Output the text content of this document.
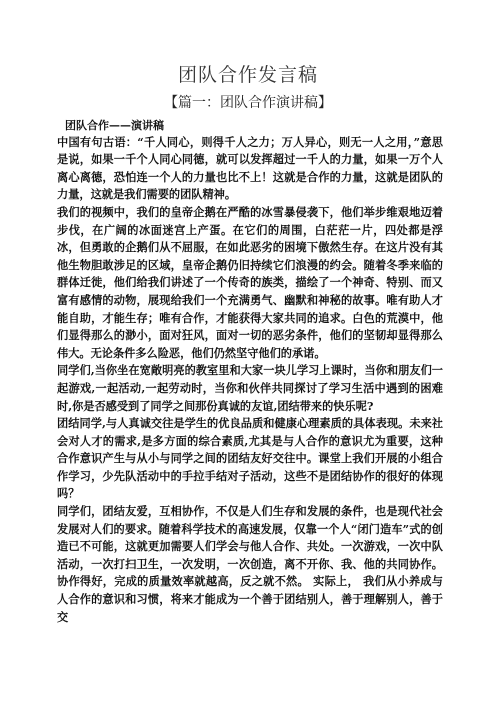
团队合作发言稿
【篇一：团队合作演讲稿】

团队合作——演讲稿

中国有句古语：“千人同心，则得千人之力；万人异心，则无一人之用，”意思是说，如果一千个人同心同德，就可以发挥超过一千人的力量，如果一万个人离心离德，恐怕连一个人的力量也比不上！这就是合作的力量，这就是团队的力量，这就是我们需要的团队精神。

我们的视频中，我们的皇帝企鹅在严酷的冰雪暴侵袭下，他们举步维艰地迈着步伐，在广阔的冰面迷宫上产蛋。在它们的周围，白茫茫一片，四处都是浮冰，但勇敢的企鹅们从不屈服，在如此恶劣的困境下傲然生存。在这片没有其他生物胆敢涉足的区域，皇帝企鹅仍旧持续它们浪漫的约会。随着冬季来临的群体迁徙，他们给我们讲述了一个传奇的族类，描绘了一个神奇、特别、而又富有感情的动物，展现给我们一个充满勇气、幽默和神秘的故事。唯有助人才能自助，才能生存；唯有合作，才能获得大家共同的追求。白色的荒漠中，他们显得那么的渺小，面对狂风，面对一切的恶劣条件，他们的坚韧却显得那么伟大。无论条件多么险恶，他们仍然坚守他们的承诺。

同学们,当你坐在宽敞明亮的教室里和大家一块儿学习上课时，当你和朋友们一起游戏,一起活动,一起劳动时，当你和伙伴共同探讨了学习生活中遇到的困难时,你是否感受到了同学之间那份真诚的友谊,团结带来的快乐呢?

团结同学,与人真诚交往是学生的优良品质和健康心理素质的具体表现。未来社会对人才的需求,是多方面的综合素质,尤其是与人合作的意识尤为重要，这种合作意识产生与从小与同学之间的团结友好交往中。课堂上我们开展的小组合作学习，少先队活动中的手拉手结对子活动，这些不是团结协作的很好的体现吗？

同学们，团结友爱，互相协作，不仅是人们生存和发展的条件，也是现代社会发展对人们的要求。随着科学技术的高速发展，仅靠一个人“闭门造车”式的创造已不可能，这就更加需要人们学会与他人合作、共处。一次游戏，一次中队活动，一次打扫卫生，一次发明，一次创造，离不开你、我、他的共同协作。协作得好，完成的质量效率就越高，反之就不然。 实际上， 我们从小养成与人合作的意识和习惯，将来才能成为一个善于团结别人，善于理解别人，善于交
